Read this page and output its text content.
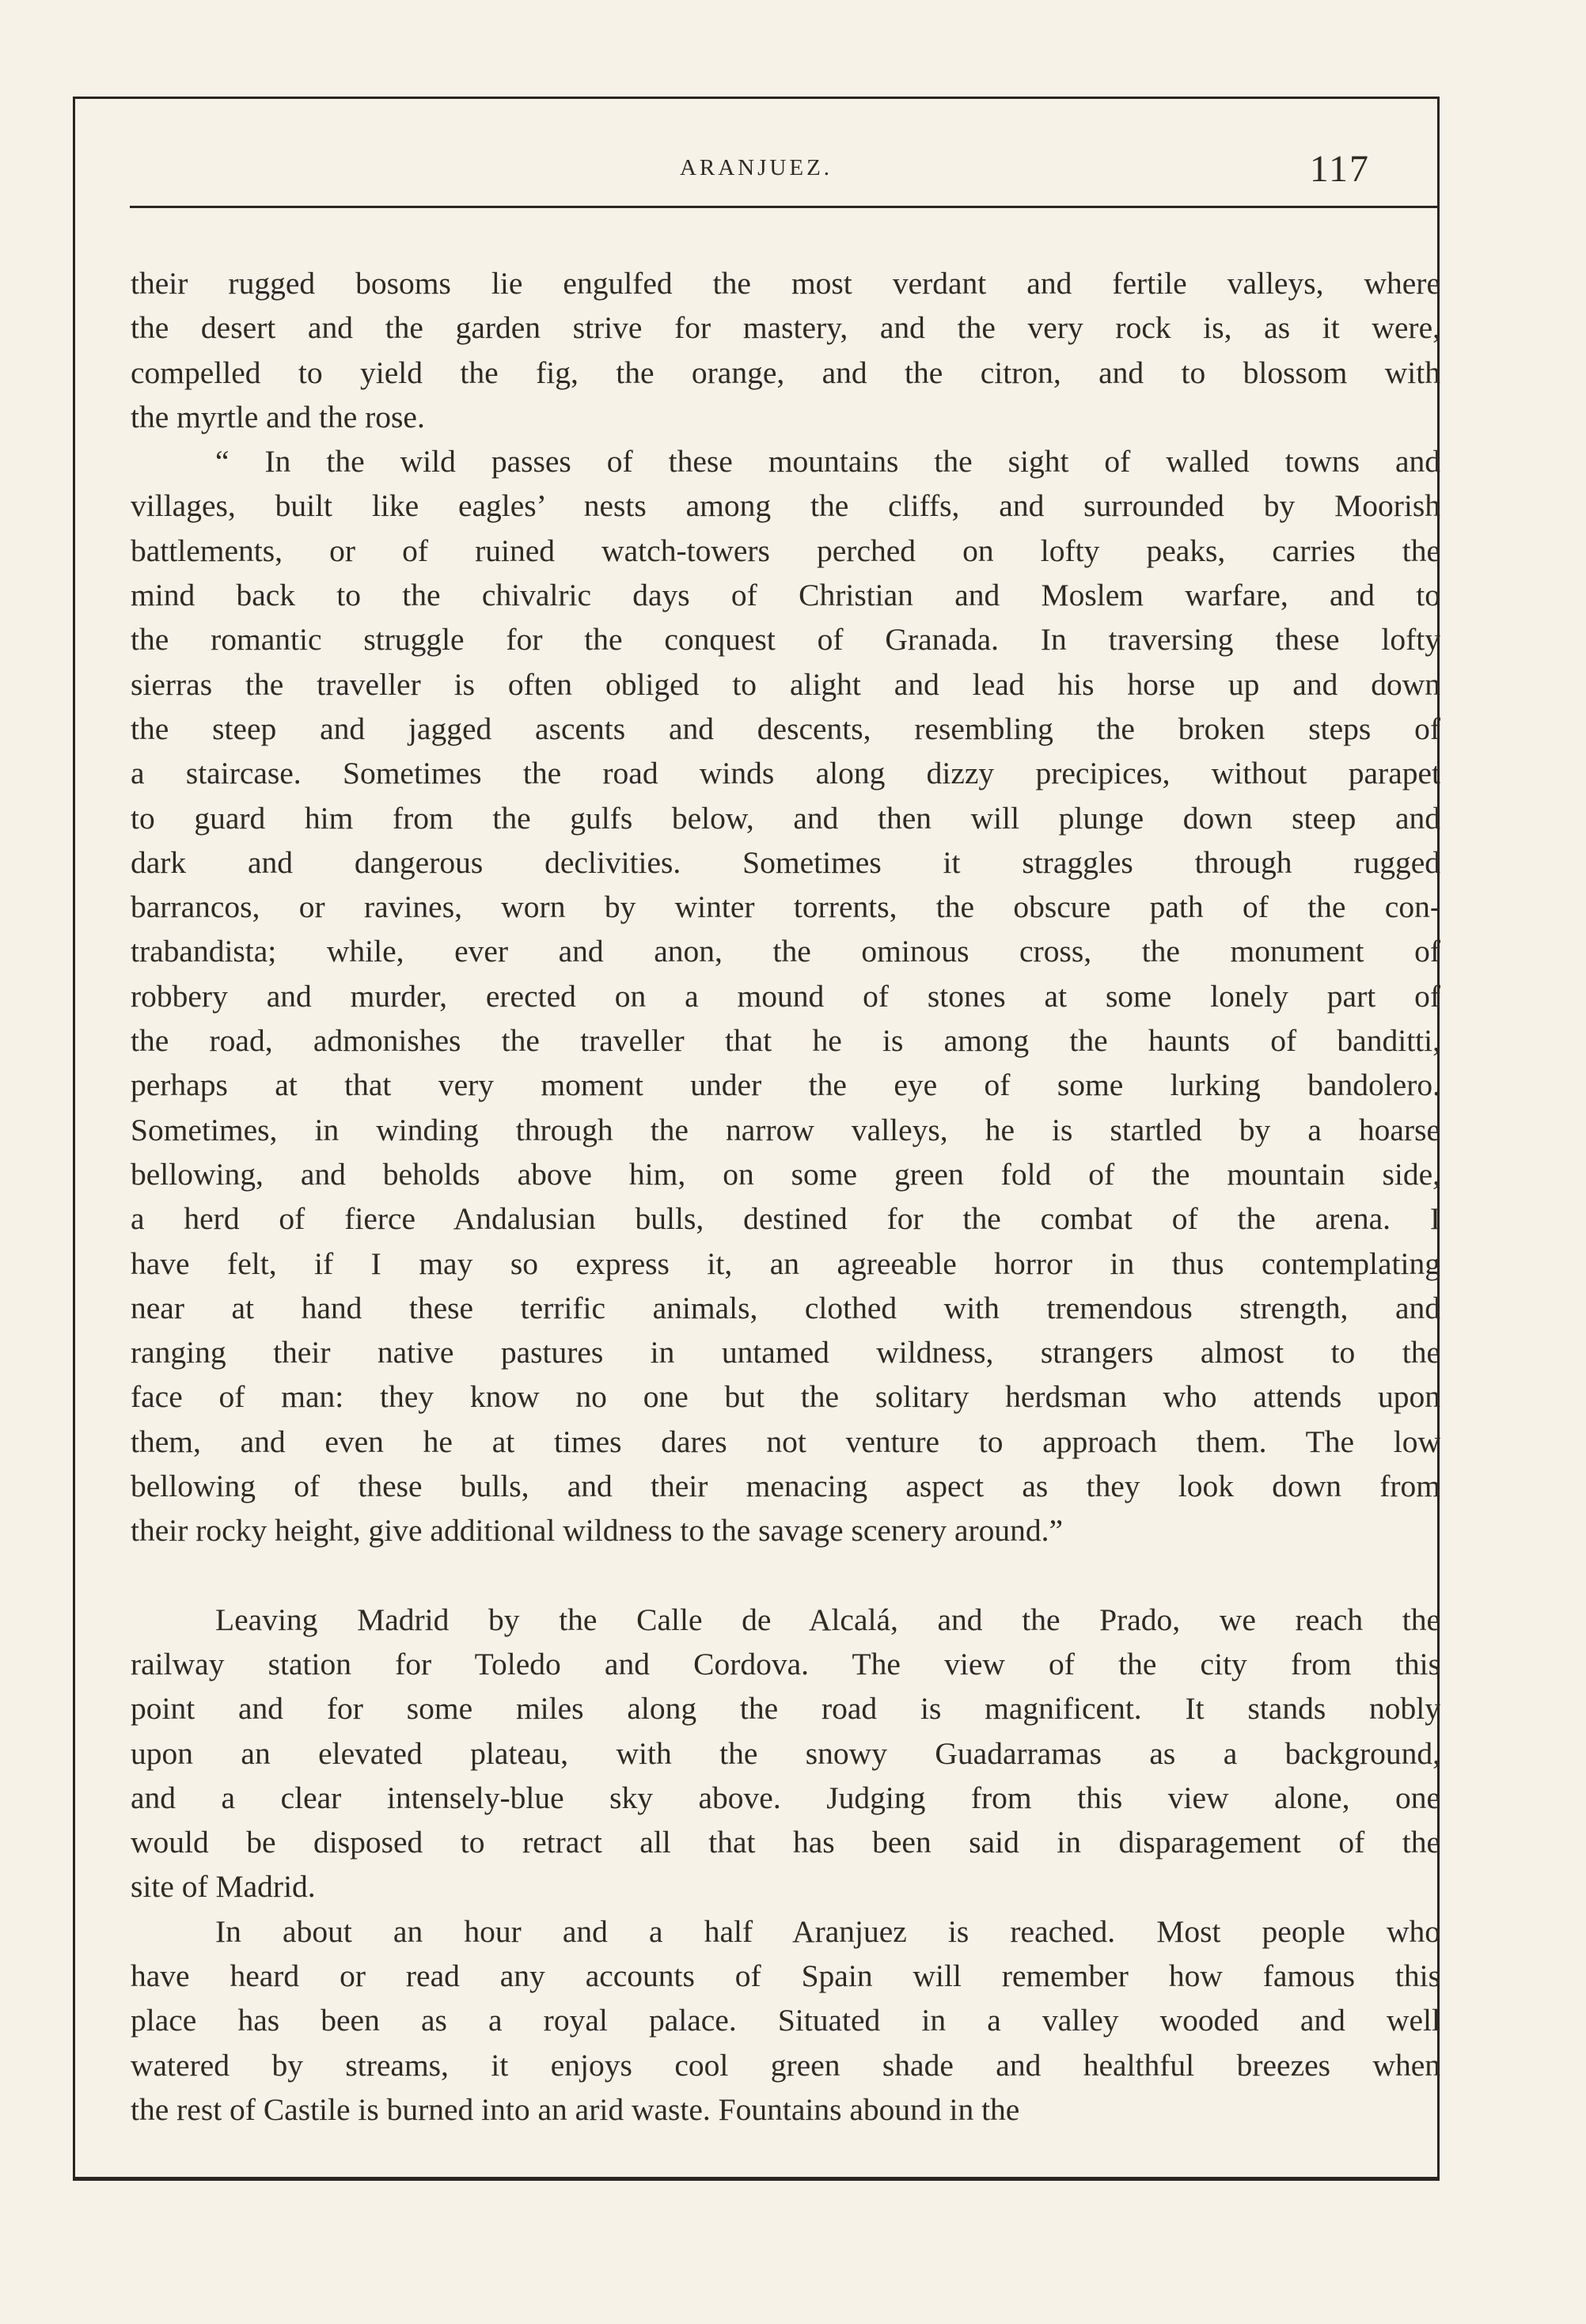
ARANJUEZ.	117
their rugged bosoms lie engulfed the most verdant and fertile valleys, where
the desert and the garden strive for mastery, and the very rock is, as it were,
compelled to yield the fig, the orange, and the citron, and to blossom with
the myrtle and the rose.
“ In the wild passes of these mountains the sight of walled towns and
villages, built like eagles’ nests among the cliffs, and surrounded by Moorish
battlements, or of ruined watch-towers perched on lofty peaks, carries the
mind back to the chivalric days of Christian and Moslem warfare, and to
the romantic struggle for the conquest of Granada. In traversing these lofty
sierras the traveller is often obliged to alight and lead his horse up and down
the steep and jagged ascents and descents, resembling the broken steps of
a staircase. Sometimes the road winds along dizzy precipices, without parapet
to guard him from the gulfs below, and then will plunge down steep and
dark and dangerous declivities. Sometimes it straggles through rugged
barrancos, or ravines, worn by winter torrents, the obscure path of the con-
trabandista; while, ever and anon, the ominous cross, the monument of
robbery and murder, erected on a mound of stones at some lonely part of
the road, admonishes the traveller that he is among the haunts of banditti,
perhaps at that very moment under the eye of some lurking bandolero.
Sometimes, in winding through the narrow valleys, he is startled by a hoarse
bellowing, and beholds above him, on some green fold of the mountain side,
a herd of fierce Andalusian bulls, destined for the combat of the arena. I
have felt, if I may so express it, an agreeable horror in thus contemplating
near at hand these terrific animals, clothed with tremendous strength, and
ranging their native pastures in untamed wildness, strangers almost to the
face of man: they know no one but the solitary herdsman who attends upon
them, and even he at times dares not venture to approach them. The low
bellowing of these bulls, and their menacing aspect as they look down from
their rocky height, give additional wildness to the savage scenery around.”
Leaving Madrid by the Calle de Alcalá, and the Prado, we reach the
railway station for Toledo and Cordova. The view of the city from this
point and for some miles along the road is magnificent. It stands nobly
upon an elevated plateau, with the snowy Guadarramas as a background,
and a clear intensely-blue sky above. Judging from this view alone, one
would be disposed to retract all that has been said in disparagement of the
site of Madrid.
In about an hour and a half Aranjuez is reached. Most people who
have heard or read any accounts of Spain will remember how famous this
place has been as a royal palace. Situated in a valley wooded and well
watered by streams, it enjoys cool green shade and healthful breezes when
the rest of Castile is burned into an arid waste. Fountains abound in the
